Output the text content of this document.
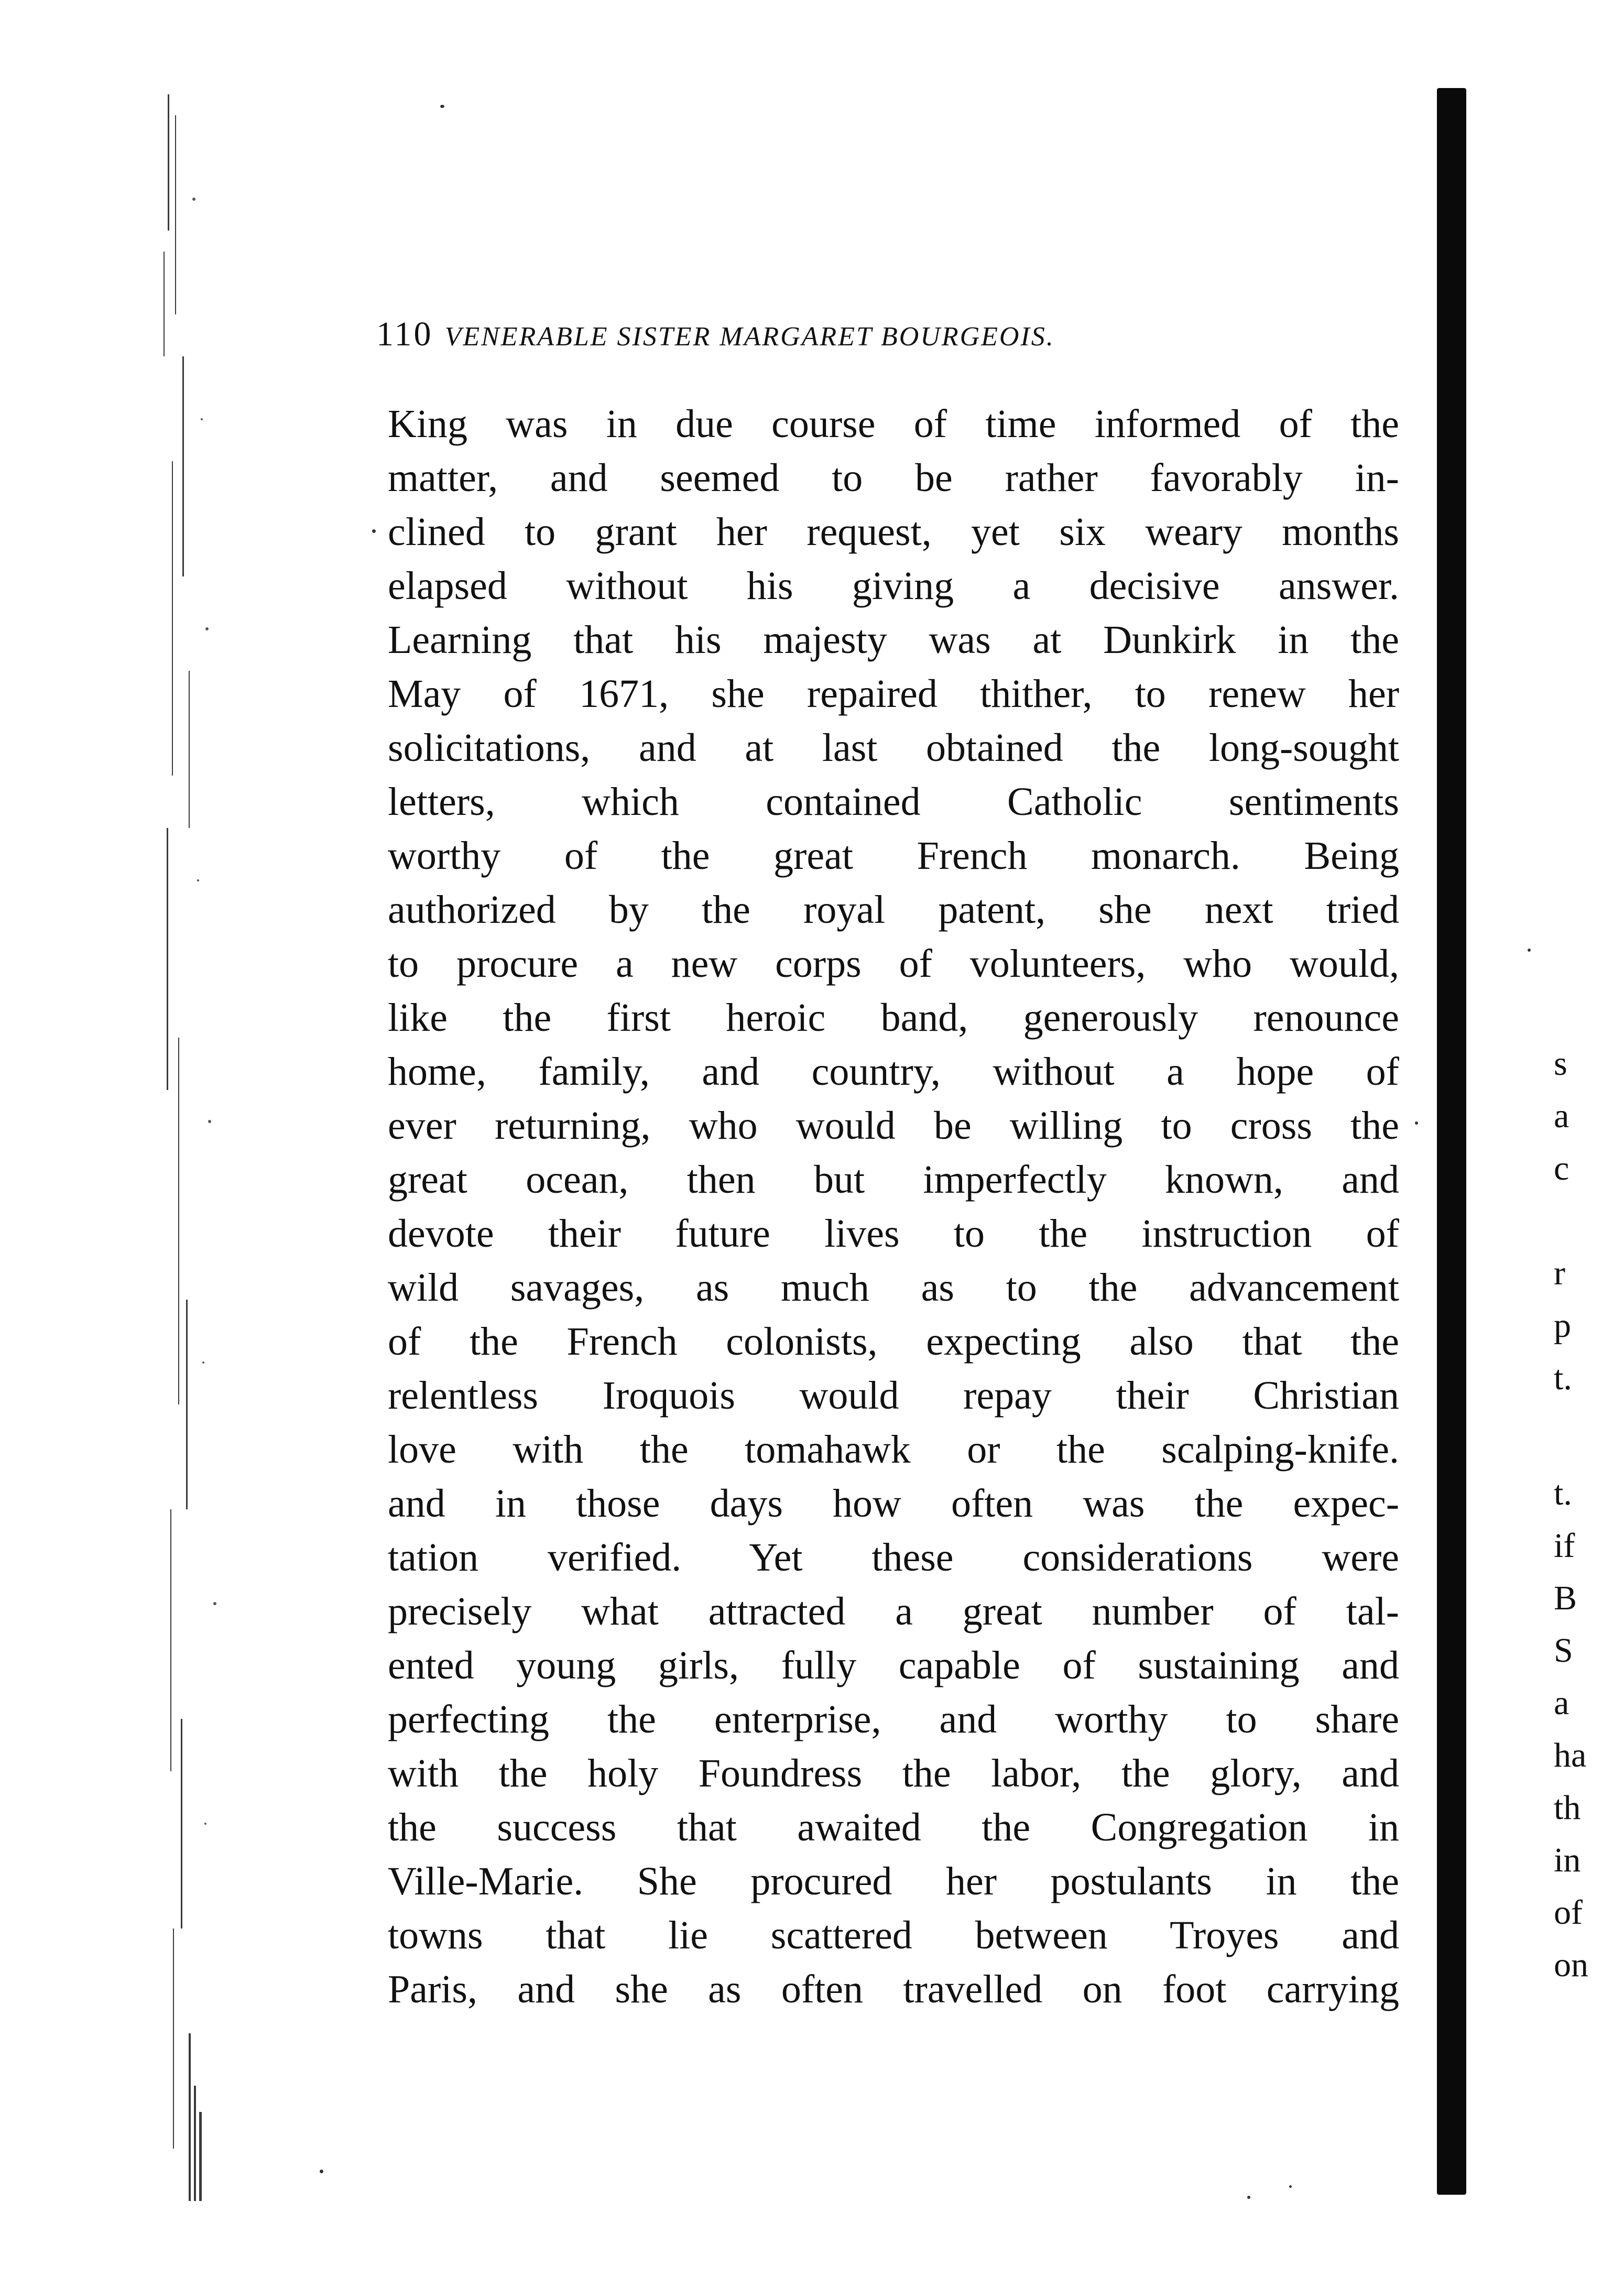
110 VENERABLE SISTER MARGARET BOURGEOIS.
King was in due course of time informed of the
matter, and seemed to be rather favorably in-
clined to grant her request, yet six weary months
elapsed without his giving a decisive answer.
Learning that his majesty was at Dunkirk in the
May of 1671, she repaired thither, to renew her
solicitations, and at last obtained the long-sought
letters, which contained Catholic sentiments
worthy of the great French monarch. Being
authorized by the royal patent, she next tried
to procure a new corps of volunteers, who would,
like the first heroic band, generously renounce
home, family, and country, without a hope of
ever returning, who would be willing to cross the
great ocean, then but imperfectly known, and
devote their future lives to the instruction of
wild savages, as much as to the advancement
of the French colonists, expecting also that the
relentless Iroquois would repay their Christian
love with the tomahawk or the scalping-knife.
and in those days how often was the expec-
tation verified. Yet these considerations were
precisely what attracted a great number of tal-
ented young girls, fully capable of sustaining and
perfecting the enterprise, and worthy to share
with the holy Foundress the labor, the glory, and
the success that awaited the Congregation in
Ville-Marie. She procured her postulants in the
towns that lie scattered between Troyes and
Paris, and she as often travelled on foot carrying
s
a
c
r
p
t.
t.
if
B
S
a
ha
th
in
of
on
